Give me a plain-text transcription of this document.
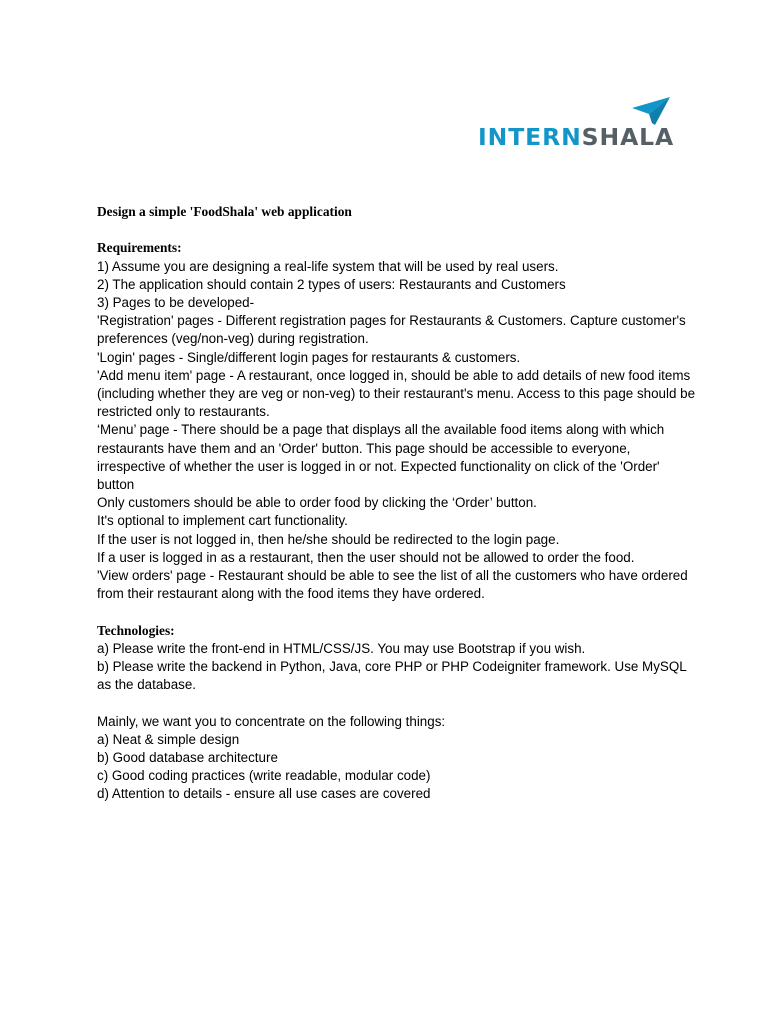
INTERNSHALA

Design a simple 'FoodShala' web application

Requirements:

1) Assume you are designing a real-life system that will be used by real users.

2) The application should contain 2 types of users: Restaurants and Customers

3) Pages to be developed-

'Registration' pages - Different registration pages for Restaurants & Customers. Capture customer's preferences (veg/non-veg) during registration.

'Login' pages - Single/different login pages for restaurants & customers.

'Add menu item' page - A restaurant, once logged in, should be able to add details of new food items (including whether they are veg or non-veg) to their restaurant's menu. Access to this page should be restricted only to restaurants.

‘Menu’ page - There should be a page that displays all the available food items along with which restaurants have them and an 'Order' button. This page should be accessible to everyone, irrespective of whether the user is logged in or not. Expected functionality on click of the 'Order' button

Only customers should be able to order food by clicking the ‘Order’ button.

It's optional to implement cart functionality.

If the user is not logged in, then he/she should be redirected to the login page.

If a user is logged in as a restaurant, then the user should not be allowed to order the food.

'View orders' page - Restaurant should be able to see the list of all the customers who have ordered from their restaurant along with the food items they have ordered.

Technologies:

a) Please write the front-end in HTML/CSS/JS. You may use Bootstrap if you wish.

b) Please write the backend in Python, Java, core PHP or PHP Codeigniter framework. Use MySQL as the database.

Mainly, we want you to concentrate on the following things:

a) Neat & simple design

b) Good database architecture

c) Good coding practices (write readable, modular code)

d) Attention to details - ensure all use cases are covered
